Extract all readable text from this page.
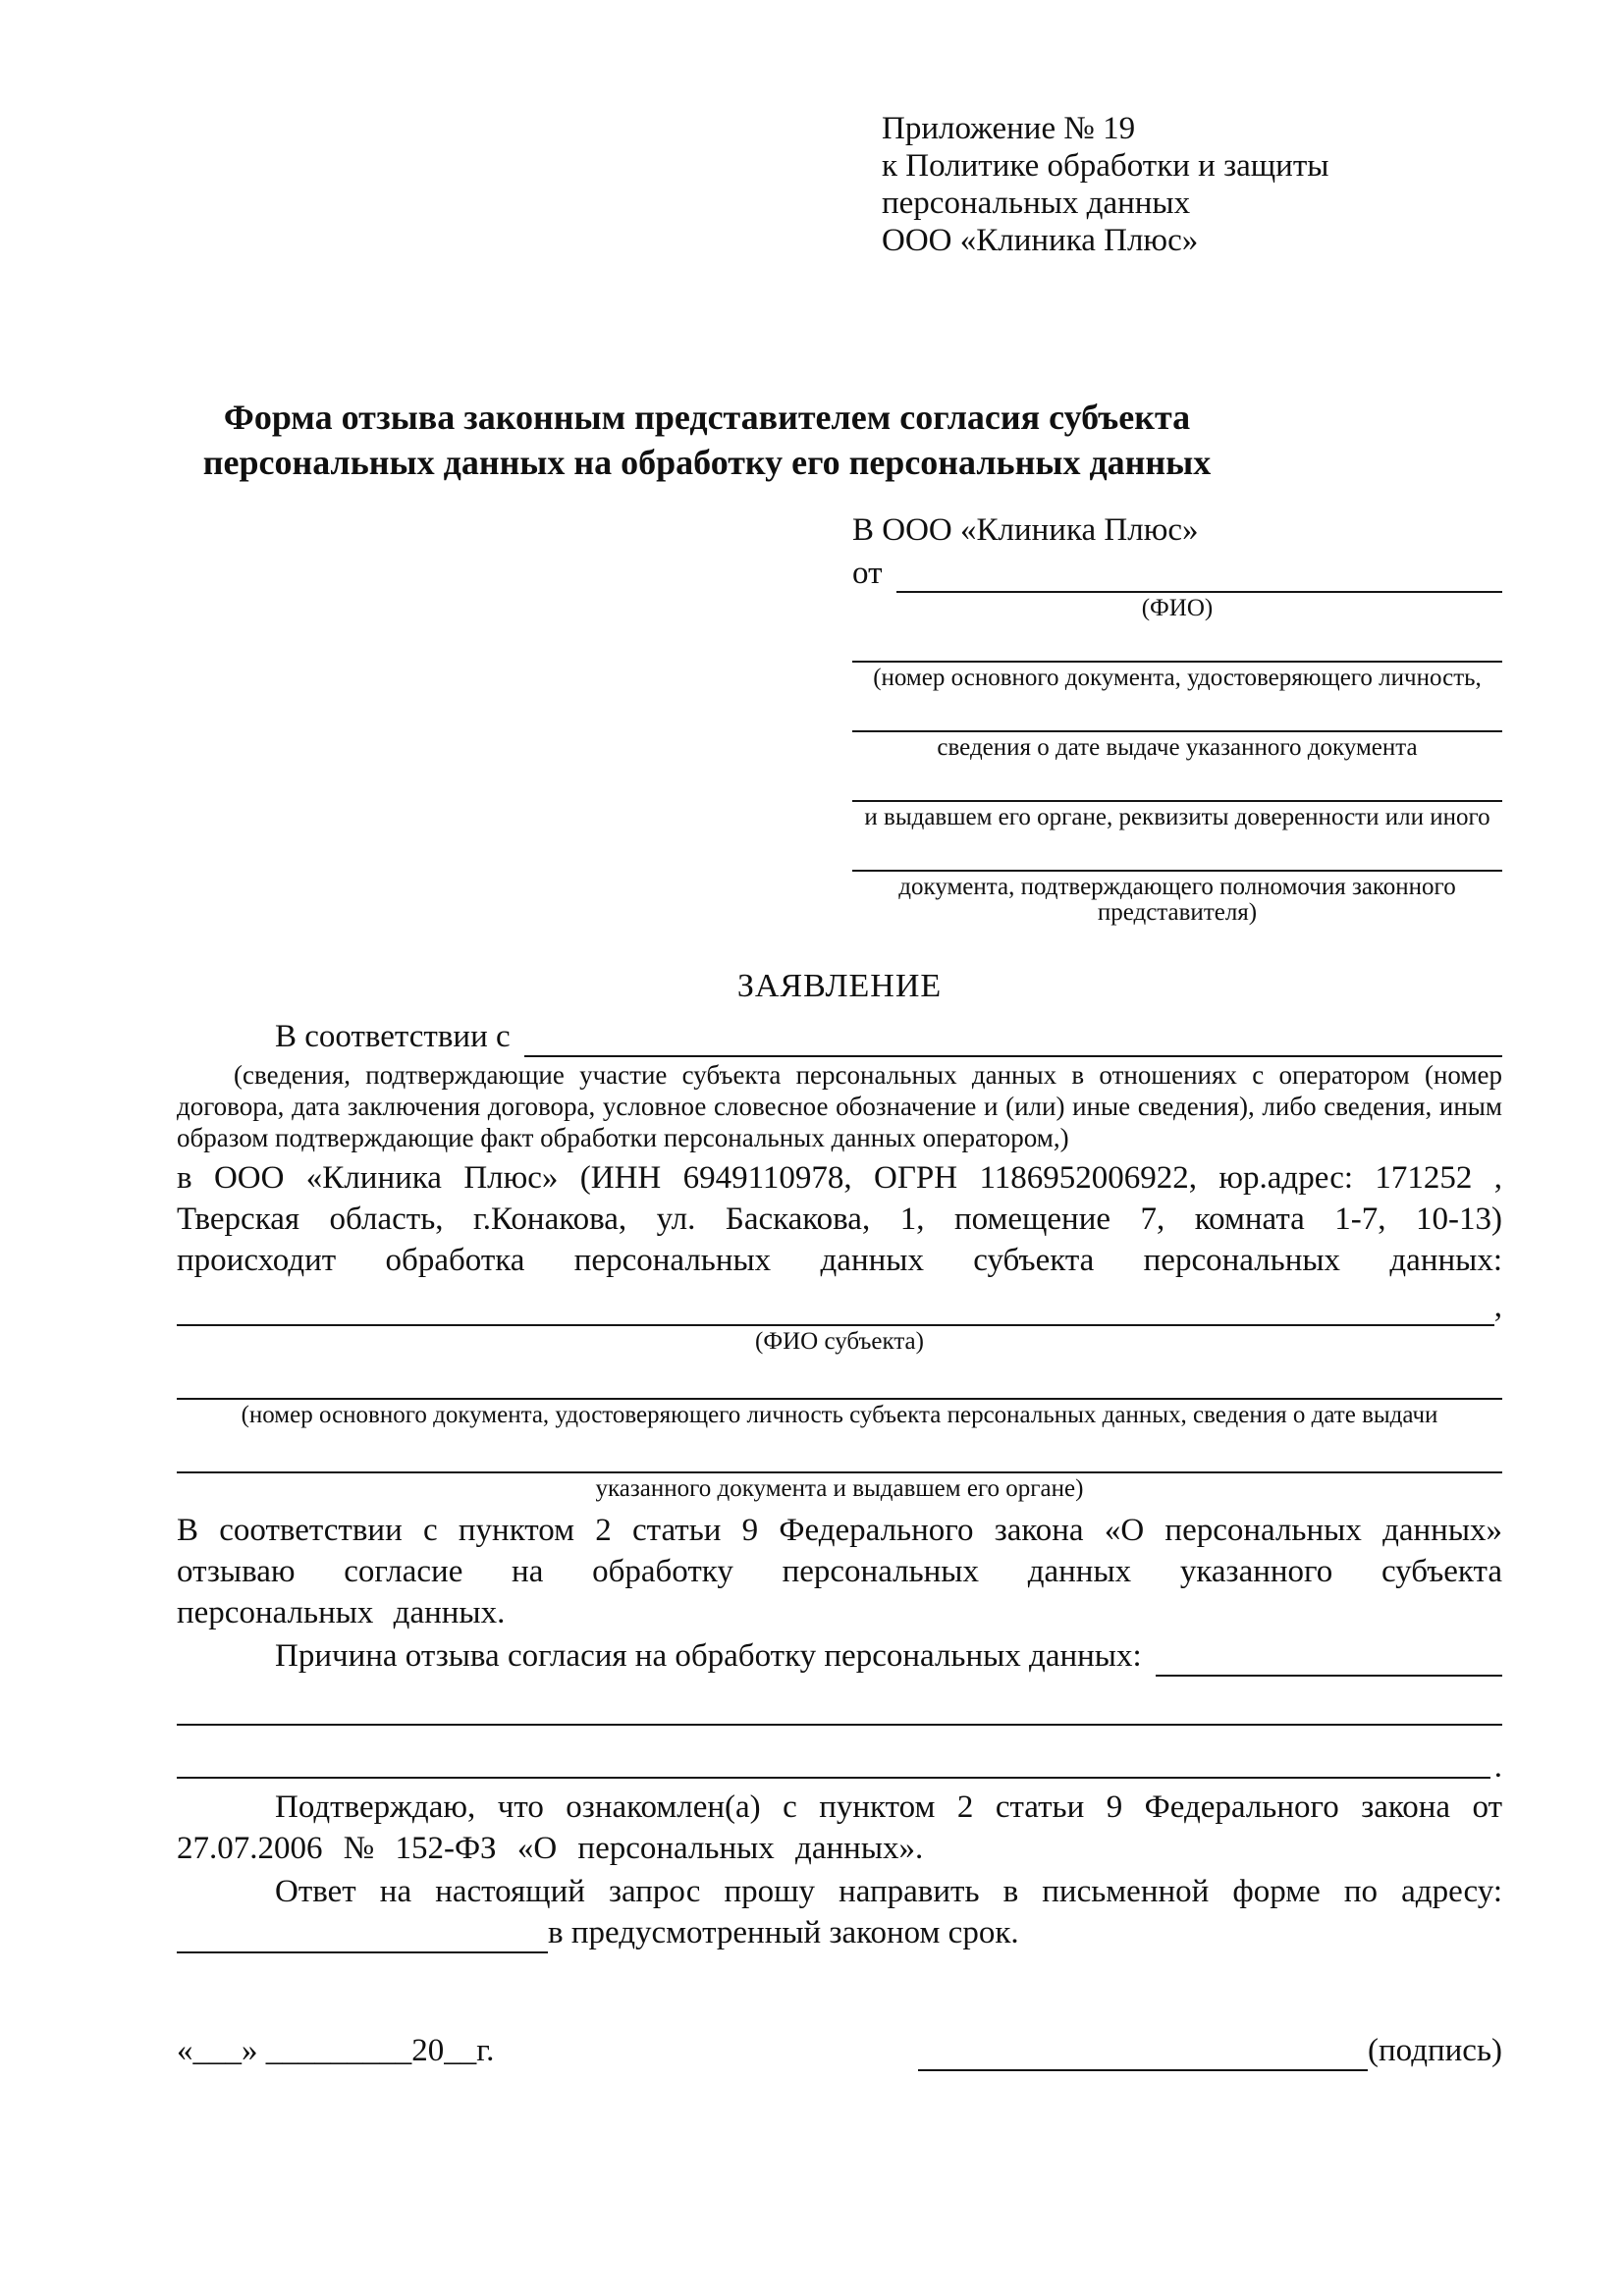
Приложение № 19
к Политике обработки и защиты
персональных данных
ООО «Клиника Плюс»
Форма отзыва законным представителем согласия субъекта персональных данных на обработку его персональных данных
В ООО «Клиника Плюс»
от
(ФИО)
(номер основного документа, удостоверяющего личность,
сведения о дате выдаче указанного документа
и выдавшем его органе, реквизиты доверенности или иного
документа, подтверждающего полномочия законного представителя)
ЗАЯВЛЕНИЕ
В соответствии с
(сведения, подтверждающие участие субъекта персональных данных в отношениях с оператором (номер договора, дата заключения договора, условное словесное обозначение и (или) иные сведения), либо сведения, иным образом подтверждающие факт обработки персональных данных оператором,)
в ООО «Клиника Плюс» (ИНН 6949110978, ОГРН 1186952006922, юр.адрес: 171252 , Тверская область, г.Конакова, ул. Баскакова, 1, помещение 7, комната 1-7, 10-13) происходит обработка персональных данных субъекта персональных данных:
,
(ФИО субъекта)
(номер основного документа, удостоверяющего личность субъекта персональных данных, сведения о дате выдачи
указанного документа и выдавшем его органе)
В соответствии с пунктом 2 статьи 9 Федерального закона «О персональных данных» отзываю согласие на обработку персональных данных указанного субъекта персональных данных.
Причина отзыва согласия на обработку персональных данных:
.
Подтверждаю, что ознакомлен(а) с пунктом 2 статьи 9 Федерального закона от 27.07.2006 № 152-ФЗ «О персональных данных».
Ответ на настоящий запрос прошу направить в письменной форме по адресу:
в предусмотренный законом срок.
«___» _________20__г.	(подпись)
